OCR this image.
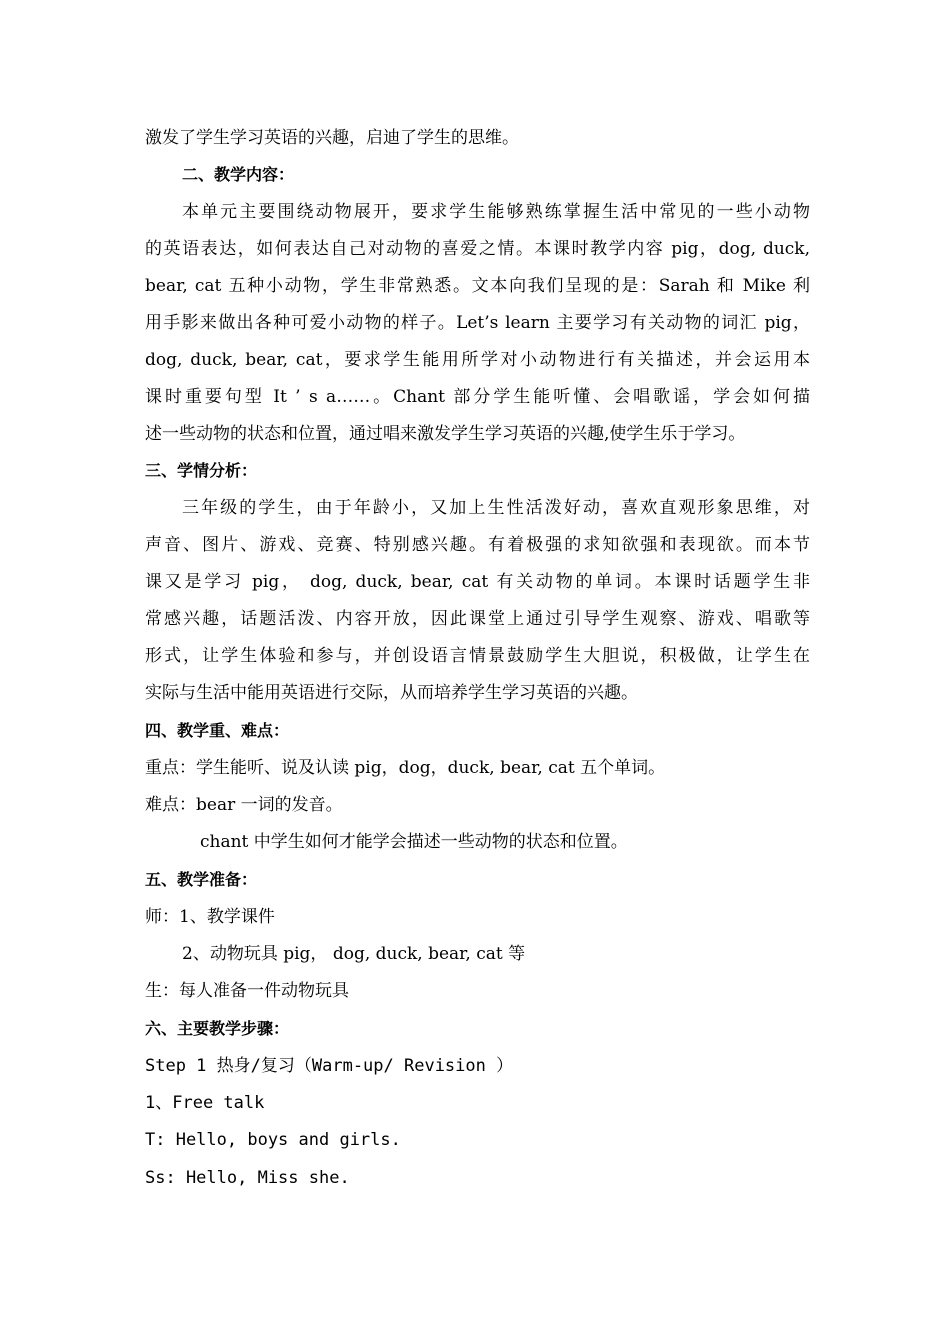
激发了学生学习英语的兴趣，启迪了学生的思维。
二、教学内容：
本单元主要围绕动物展开，要求学生能够熟练掌握生活中常见的一些小动物
的英语表达，如何表达自己对动物的喜爱之情。本课时教学内容 pig，dog, duck,
bear, cat 五种小动物，学生非常熟悉。文本向我们呈现的是：Sarah 和 Mike 利
用手影来做出各种可爱小动物的样子。Let’s learn 主要学习有关动物的词汇 pig，
dog, duck, bear, cat，要求学生能用所学对小动物进行有关描述，并会运用本
课时重要句型 It ’ s a……。Chant 部分学生能听懂、会唱歌谣，学会如何描
述一些动物的状态和位置，通过唱来激发学生学习英语的兴趣,使学生乐于学习。
三、学情分析：
三年级的学生，由于年龄小，又加上生性活泼好动，喜欢直观形象思维，对
声音、图片、游戏、竞赛、特别感兴趣。有着极强的求知欲强和表现欲。而本节
课又是学习 pig， dog, duck, bear, cat 有关动物的单词。本课时话题学生非
常感兴趣，话题活泼、内容开放，因此课堂上通过引导学生观察、游戏、唱歌等
形式，让学生体验和参与，并创设语言情景鼓励学生大胆说，积极做，让学生在
实际与生活中能用英语进行交际，从而培养学生学习英语的兴趣。
四、教学重、难点：
重点：学生能听、说及认读 pig，dog，duck, bear, cat 五个单词。
难点：bear 一词的发音。
chant 中学生如何才能学会描述一些动物的状态和位置。
五、教学准备：
师：1、教学课件
2、动物玩具 pig， dog, duck, bear, cat 等
生：每人准备一件动物玩具
六、主要教学步骤：
Step 1 热身/复习（Warm-up/ Revision ）
1、Free talk
T: Hello, boys and girls.
Ss: Hello, Miss she.
